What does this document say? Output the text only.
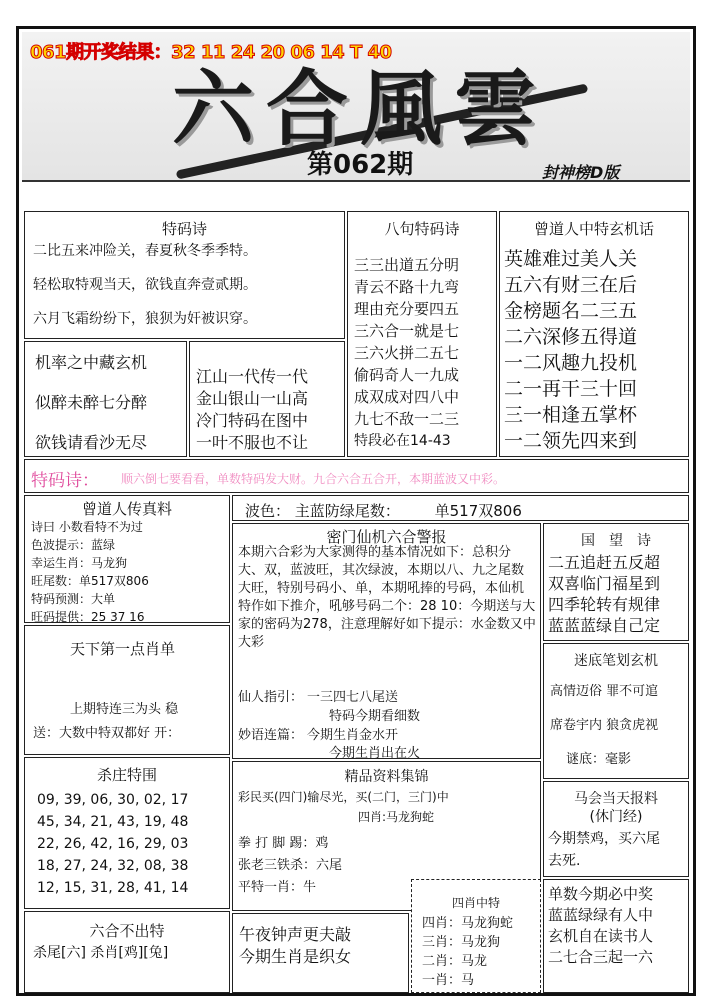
六合風雲
061期开奖结果：32 11 24 20 06 14 T 40
第062期	封神榜D版
特码诗
二比五来冲险关，春夏秋冬季季特。
轻松取特观当天，欲钱直奔壹贰期。
六月飞霜纷纷下，狼狈为奸被识穿。
八句特码诗
三三出道五分明
青云不路十九弯
理由充分要四五
三六合一就是七
三六火拼二五七
偷码奇人一九成
成双成对四八中
九七不敌一二三
特段必在14-43
曾道人中特玄机话
英雄难过美人关
五六有财三在后
金榜题名二三五
二六深修五得道
一二风趣九投机
二一再干三十回
三一相逢五掌杯
一二领先四来到
机率之中藏玄机
似醉未醉七分醉
欲钱请看沙无尽
江山一代传一代
金山银山一山高
冷门特码在图中
一叶不服也不让
特码诗： 顺六倒七要看看，单数特码发大财。九合六合五合开，本期蓝波又中彩。
曾道人传真料
诗曰 小数看特不为过
色波提示：蓝绿
幸运生肖：马龙狗
旺尾数：单517双806
特码预测：大单
旺码提供：25 37 16
天下第一点肖单
上期特连三为头 稳
送：大数中特双都好 开：
杀庄特围
09, 39, 06, 30, 02, 17
45, 34, 21, 43, 19, 48
22, 26, 42, 16, 29, 03
18, 27, 24, 32, 08, 38
12, 15, 31, 28, 41, 14
六合不出特
杀尾[六] 杀肖[鸡][兔]
波色： 主蓝防绿尾数： 单517双806
密门仙机六合警报
本期六合彩为大家测得的基本情况如下：总积分大、双，蓝波旺，其次绿波，本期以八、九之尾数大旺，特别号码小、单，本期吼捧的号码，本仙机特作如下推介，吼够号码二个：28 10：今期送与大家的密码为278，注意理解好如下提示：水金数又中大彩
仙人指引： 一三四七八尾送
特码今期看细数
妙语连篇： 今期生肖金水开
今期生肖出在火
精品资料集锦
彩民买(四门)输尽光，买(二门，三门)中
四肖:马龙狗蛇
拳 打 脚 踢：鸡
张老三铁杀：六尾
平特一肖：牛
午夜钟声更夫敲
今期生肖是织女
四肖中特
四肖：马龙狗蛇
三肖：马龙狗
二肖：马龙
一肖：马
国　望　诗
二五追赶五反超
双喜临门福星到
四季轮转有规律
蓝蓝蓝绿自己定
迷底笔划玄机
高情迈俗 罪不可逭
席卷宇内 狼贪虎视
谜底：毫影
马会当天报料
(休门经)
今期禁鸡，买六尾
去死.
单数今期必中奖
蓝蓝绿绿有人中
玄机自在读书人
二七合三起一六
